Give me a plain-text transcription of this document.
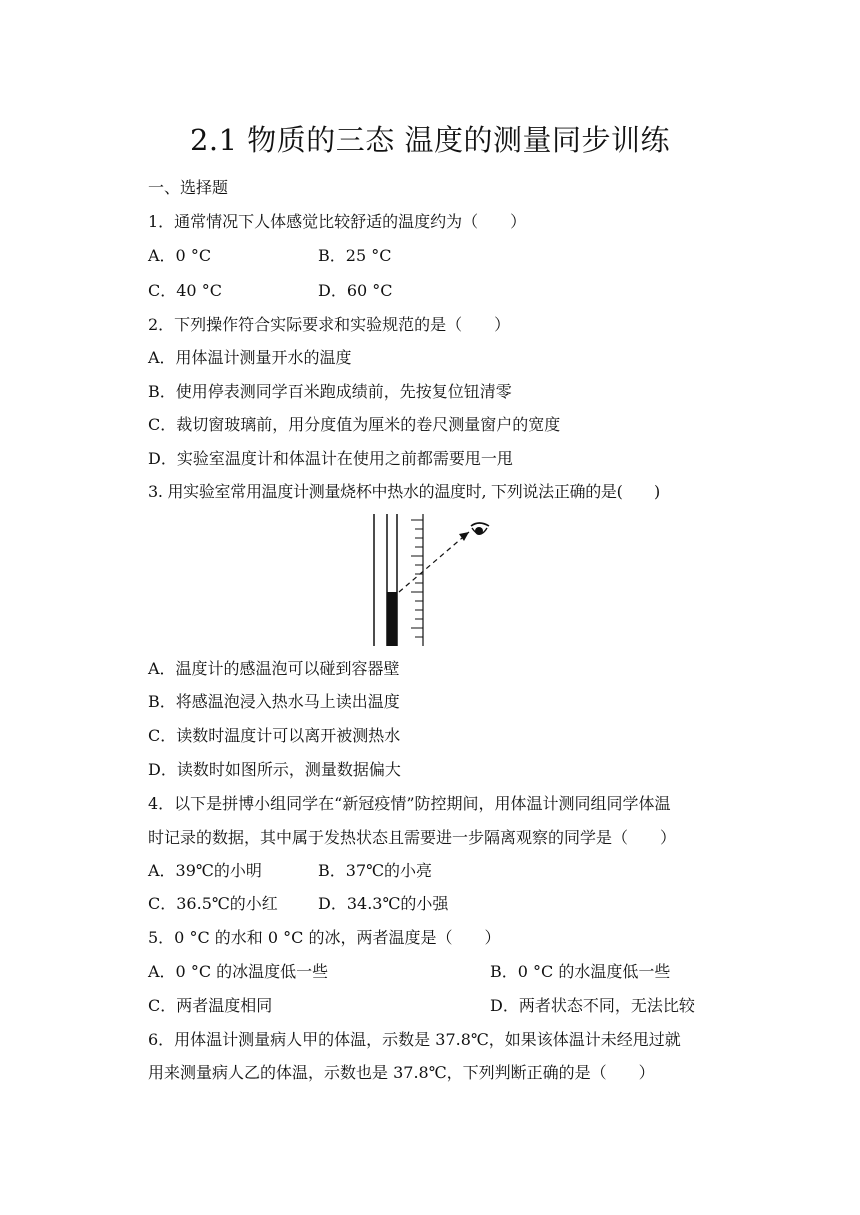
2.1 物质的三态 温度的测量同步训练
一、选择题
1．通常情况下人体感觉比较舒适的温度约为（　　）
A．0 °C	B．25 °C
C．40 °C	D．60 °C
2．下列操作符合实际要求和实验规范的是（　　）
A．用体温计测量开水的温度
B．使用停表测同学百米跑成绩前，先按复位钮清零
C．裁切窗玻璃前，用分度值为厘米的卷尺测量窗户的宽度
D．实验室温度计和体温计在使用之前都需要甩一甩
3. 用实验室常用温度计测量烧杯中热水的温度时, 下列说法正确的是(　　)
A．温度计的感温泡可以碰到容器壁
B．将感温泡浸入热水马上读出温度
C．读数时温度计可以离开被测热水
D．读数时如图所示，测量数据偏大
4．以下是拼博小组同学在“新冠疫情”防控期间，用体温计测同组同学体温
时记录的数据，其中属于发热状态且需要进一步隔离观察的同学是（　　）
A．39℃的小明	B．37℃的小亮
C．36.5℃的小红	D．34.3℃的小强
5．0 °C 的水和 0 °C 的冰，两者温度是（　　）
A．0 °C 的冰温度低一些	B．0 °C 的水温度低一些
C．两者温度相同	D．两者状态不同，无法比较
6．用体温计测量病人甲的体温，示数是 37.8℃，如果该体温计未经甩过就
用来测量病人乙的体温，示数也是 37.8℃，下列判断正确的是（　　）
